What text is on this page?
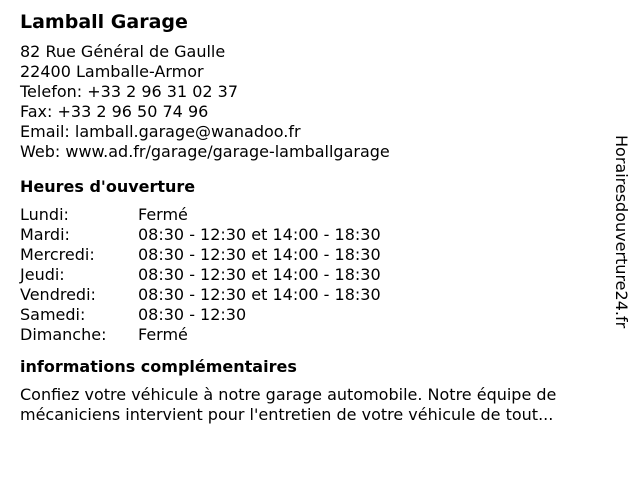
Lamball Garage
82 Rue Général de Gaulle
22400 Lamballe-Armor
Telefon: +33 2 96 31 02 37
Fax: +33 2 96 50 74 96
Email: lamball.garage@wanadoo.fr
Web: www.ad.fr/garage/garage-lamballgarage
Heures d'ouverture
Lundi:	Fermé
Mardi:	08:30 - 12:30 et 14:00 - 18:30
Mercredi:	08:30 - 12:30 et 14:00 - 18:30
Jeudi:	08:30 - 12:30 et 14:00 - 18:30
Vendredi:	08:30 - 12:30 et 14:00 - 18:30
Samedi:	08:30 - 12:30
Dimanche: Fermé
informations complémentaires
Confiez votre véhicule à notre garage automobile. Notre équipe de mécaniciens intervient pour l'entretien de votre véhicule de tout...
Horairesdouverture24.fr
